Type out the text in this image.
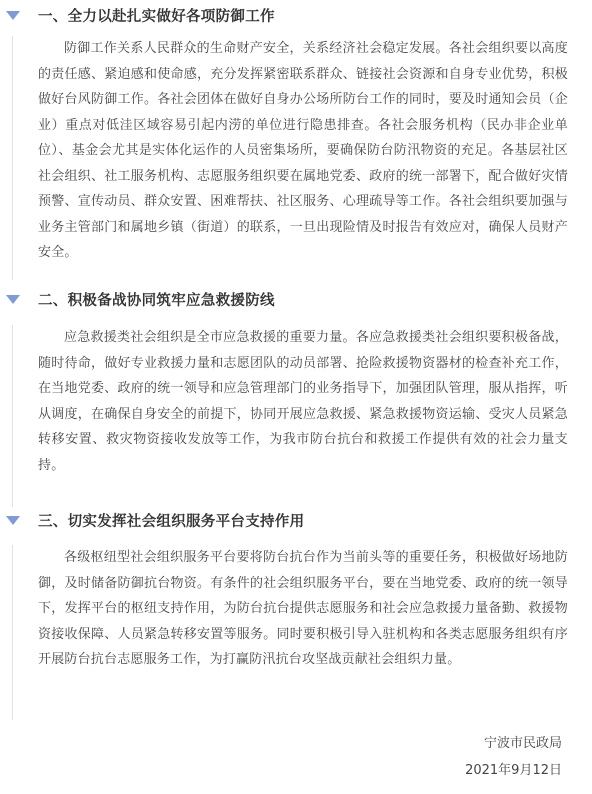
一、全力以赴扎实做好各项防御工作

防御工作关系人民群众的生命财产安全，关系经济社会稳定发展。各社会组织要以高度的责任感、紧迫感和使命感，充分发挥紧密联系群众、链接社会资源和自身专业优势，积极做好台风防御工作。各社会团体在做好自身办公场所防台工作的同时，要及时通知会员（企业）重点对低洼区域容易引起内涝的单位进行隐患排查。各社会服务机构（民办非企业单位）、基金会尤其是实体化运作的人员密集场所，要确保防台防汛物资的充足。各基层社区社会组织、社工服务机构、志愿服务组织要在属地党委、政府的统一部署下，配合做好灾情预警、宣传动员、群众安置、困难帮扶、社区服务、心理疏导等工作。各社会组织要加强与业务主管部门和属地乡镇（街道）的联系，一旦出现险情及时报告有效应对，确保人员财产安全。

二、积极备战协同筑牢应急救援防线

应急救援类社会组织是全市应急救援的重要力量。各应急救援类社会组织要积极备战，随时待命，做好专业救援力量和志愿团队的动员部署、抢险救援物资器材的检查补充工作，在当地党委、政府的统一领导和应急管理部门的业务指导下，加强团队管理，服从指挥，听从调度，在确保自身安全的前提下，协同开展应急救援、紧急救援物资运输、受灾人员紧急转移安置、救灾物资接收发放等工作，为我市防台抗台和救援工作提供有效的社会力量支持。

三、切实发挥社会组织服务平台支持作用

各级枢纽型社会组织服务平台要将防台抗台作为当前头等的重要任务，积极做好场地防御，及时储备防御抗台物资。有条件的社会组织服务平台，要在当地党委、政府的统一领导下，发挥平台的枢纽支持作用，为防台抗台提供志愿服务和社会应急救援力量备勤、救援物资接收保障、人员紧急转移安置等服务。同时要积极引导入驻机构和各类志愿服务组织有序开展防台抗台志愿服务工作，为打赢防汛抗台攻坚战贡献社会组织力量。

宁波市民政局
2021年9月12日
